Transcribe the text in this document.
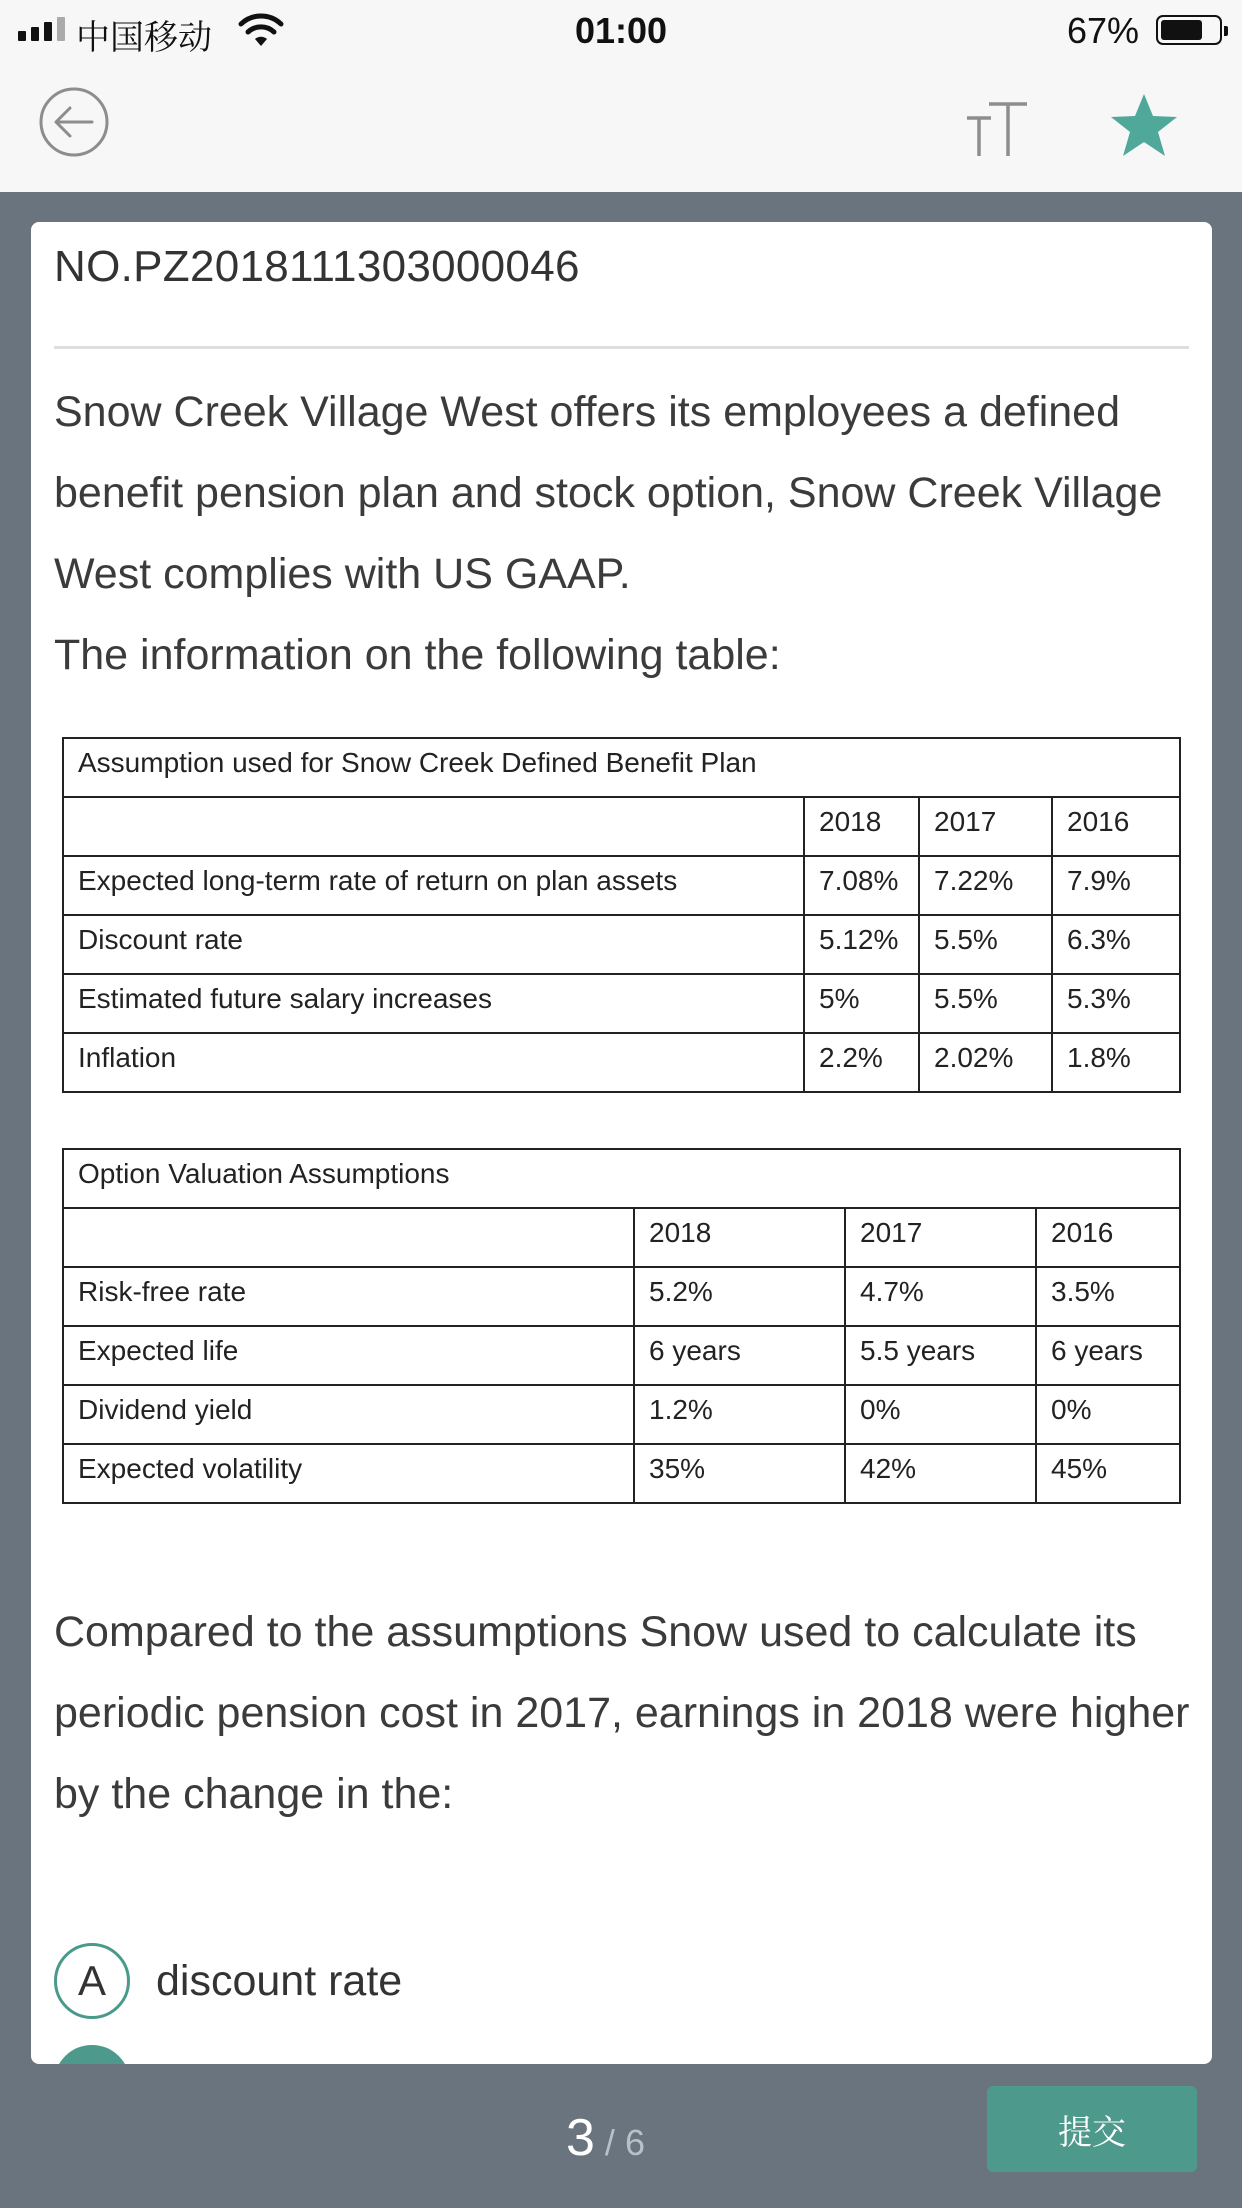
中国移动	01:00	67%
NO.PZ2018111303000046
Snow Creek Village West offers its employees a defined benefit pension plan and stock option, Snow Creek Village West complies with US GAAP.
The information on the following table:
Assumption used for Snow Creek Defined Benefit Plan			
	2018	2017	2016
Expected long-term rate of return on plan assets	7.08%	7.22%	7.9%
Discount rate	5.12%	5.5%	6.3%
Estimated future salary increases	5%	5.5%	5.3%
Inflation	2.2%	2.02%	1.8%
Option Valuation Assumptions			
	2018	2017	2016
Risk-free rate	5.2%	4.7%	3.5%
Expected life	6 years	5.5 years	6 years
Dividend yield	1.2%	0%	0%
Expected volatility	35%	42%	45%
Compared to the assumptions Snow used to calculate its periodic pension cost in 2017, earnings in 2018 were higher by the change in the:
A	discount rate
3 / 6	提交
